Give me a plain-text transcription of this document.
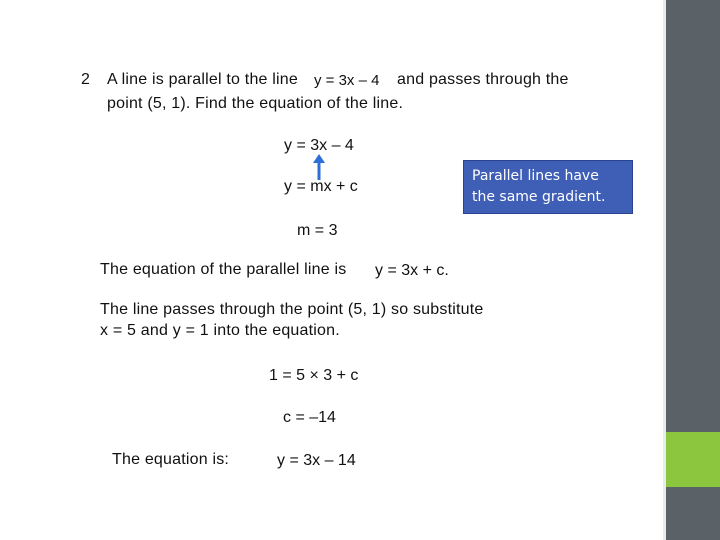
2 A line is parallel to the line y = 3x – 4 and passes through the
point (5, 1). Find the equation of the line.
y = 3x – 4
y = mx + c
m = 3
Parallel lines have the same gradient.
The equation of the parallel line is y = 3x + c.
The line passes through the point (5, 1) so substitute
x = 5 and y = 1 into the equation.
1 = 5 × 3 + c
c = –14
The equation is:	y = 3x – 14
